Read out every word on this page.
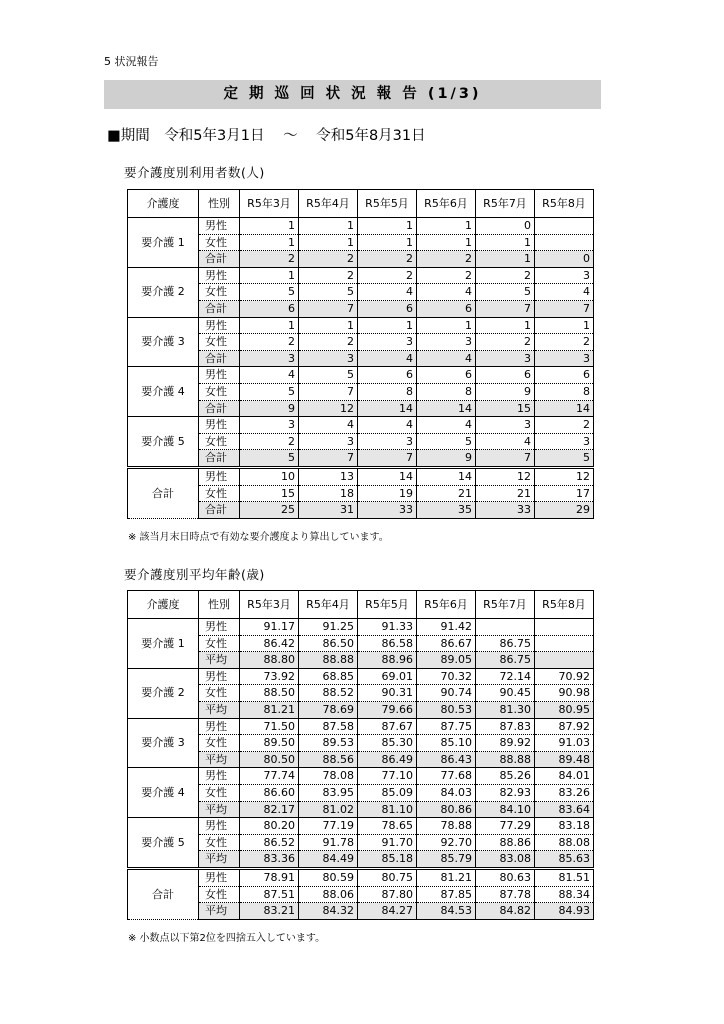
5 状況報告
定 期 巡 回 状 況 報 告 (1/3)
■期間 令和5年3月1日 〜 令和5年8月31日
要介護度別利用者数(人)
介護度	性別	R5年3月	R5年4月	R5年5月	R5年6月	R5年7月	R5年8月
要介護 1	男性	1	1	1	1	0	
	女性	1	1	1	1	1	
	合計	2	2	2	2	1	0
要介護 2	男性	1	2	2	2	2	3
	女性	5	5	4	4	5	4
	合計	6	7	6	6	7	7
要介護 3	男性	1	1	1	1	1	1
	女性	2	2	3	3	2	2
	合計	3	3	4	4	3	3
要介護 4	男性	4	5	6	6	6	6
	女性	5	7	8	8	9	8
	合計	9	12	14	14	15	14
要介護 5	男性	3	4	4	4	3	2
	女性	2	3	3	5	4	3
	合計	5	7	7	9	7	5
合計	男性	10	13	14	14	12	12
	女性	15	18	19	21	21	17
	合計	25	31	33	35	33	29
※ 該当月末日時点で有効な要介護度より算出しています。
要介護度別平均年齢(歳)
介護度	性別	R5年3月	R5年4月	R5年5月	R5年6月	R5年7月	R5年8月
要介護 1	男性	91.17	91.25	91.33	91.42		
	女性	86.42	86.50	86.58	86.67	86.75	
	平均	88.80	88.88	88.96	89.05	86.75	
要介護 2	男性	73.92	68.85	69.01	70.32	72.14	70.92
	女性	88.50	88.52	90.31	90.74	90.45	90.98
	平均	81.21	78.69	79.66	80.53	81.30	80.95
要介護 3	男性	71.50	87.58	87.67	87.75	87.83	87.92
	女性	89.50	89.53	85.30	85.10	89.92	91.03
	平均	80.50	88.56	86.49	86.43	88.88	89.48
要介護 4	男性	77.74	78.08	77.10	77.68	85.26	84.01
	女性	86.60	83.95	85.09	84.03	82.93	83.26
	平均	82.17	81.02	81.10	80.86	84.10	83.64
要介護 5	男性	80.20	77.19	78.65	78.88	77.29	83.18
	女性	86.52	91.78	91.70	92.70	88.86	88.08
	平均	83.36	84.49	85.18	85.79	83.08	85.63
合計	男性	78.91	80.59	80.75	81.21	80.63	81.51
	女性	87.51	88.06	87.80	87.85	87.78	88.34
	平均	83.21	84.32	84.27	84.53	84.82	84.93
※ 小数点以下第2位を四捨五入しています。
